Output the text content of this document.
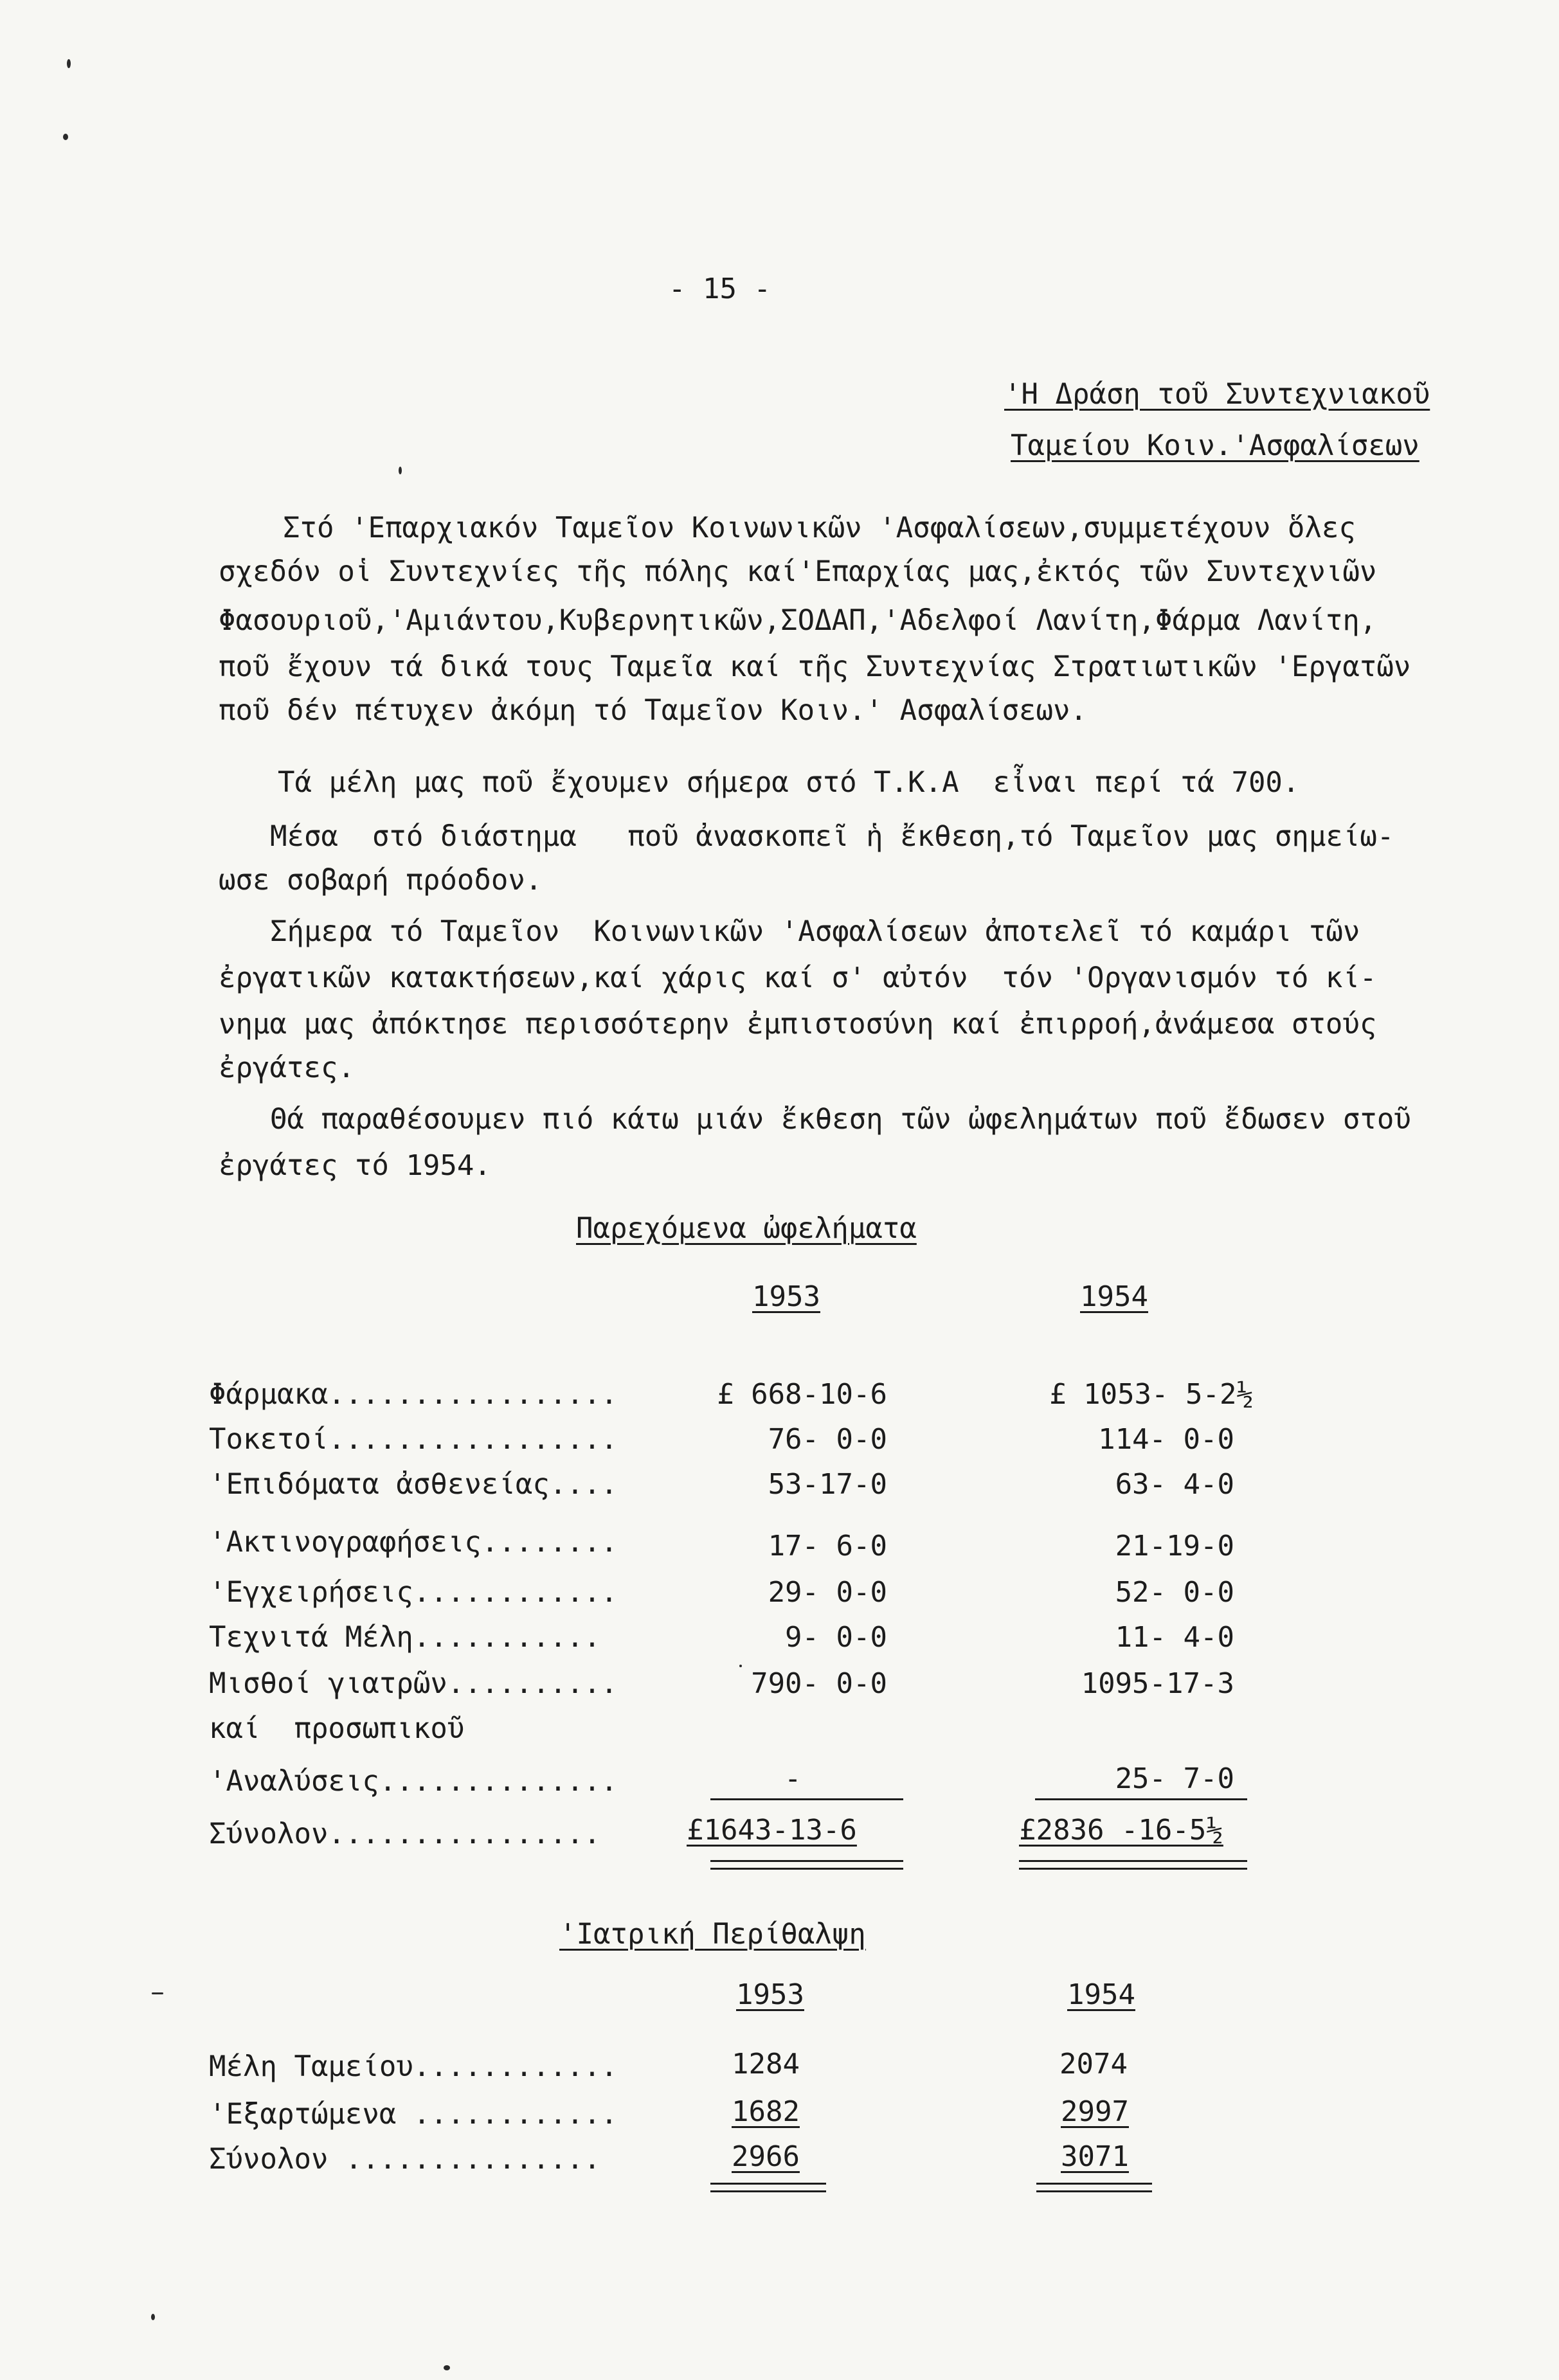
- 15 -
'Η Δράση τοῦ Συντεχνιακοῦ
Ταμείου Κοιν.'Ασφαλίσεων
Στό 'Επαρχιακόν Ταμεῖον Κοινωνικῶν 'Ασφαλίσεων,συμμετέχουν ὅλες
σχεδόν οἱ Συντεχνίες τῆς πόλης καί'Επαρχίας μας,ἐκτός τῶν Συντεχνιῶν
Φασουριοῦ,'Αμιάντου,Κυβερνητικῶν,ΣΟΔΑΠ,'Αδελφοί Λανίτη,Φάρμα Λανίτη,
ποῦ ἔχουν τά δικά τους Ταμεῖα καί τῆς Συντεχνίας Στρατιωτικῶν 'Εργατῶν
ποῦ δέν πέτυχεν ἀκόμη τό Ταμεῖον Κοιν.' Ασφαλίσεων.
Τά μέλη μας ποῦ ἔχουμεν σήμερα στό Τ.Κ.Α  εἶναι περί τά 700.
Μέσα  στό διάστημα   ποῦ ἀνασκοπεῖ ἡ ἔκθεση,τό Ταμεῖον μας σημείω-
ωσε σοβαρή πρόοδον.
Σήμερα τό Ταμεῖον  Κοινωνικῶν 'Ασφαλίσεων ἀποτελεῖ τό καμάρι τῶν
ἐργατικῶν κατακτήσεων,καί χάρις καί σ' αὐτόν  τόν 'Οργανισμόν τό κί-
νημα μας ἀπόκτησε περισσότερην ἐμπιστοσύνη καί ἐπιρροή,ἀνάμεσα στούς
ἐργάτες.
Θά παραθέσουμεν πιό κάτω μιάν ἔκθεση τῶν ὠφελημάτων ποῦ ἔδωσεν στοῦ
ἐργάτες τό 1954.
Παρεχόμενα ὠφελήματα
1953	1954
Φάρμακα.................	£ 668-10-6	£ 1053- 5-2½
Τοκετοί.................	76- 0-0	114- 0-0
'Επιδόματα ἀσθενείας....	53-17-0	63- 4-0
'Ακτινογραφήσεις........	17- 6-0	21-19-0
'Εγχειρήσεις............	29- 0-0	52- 0-0
Τεχνιτά Μέλη...........	9- 0-0	11- 4-0
Μισθοί γιατρῶν..........	790- 0-0	1095-17-3
καί  προσωπικοῦ
'Αναλύσεις..............	-	25- 7-0
Σύνολον................	£1643-13-6	£2836 -16-5½
'Ιατρική Περίθαλψη
1953	1954
Μέλη Ταμείου............	1284	2074
'Εξαρτώμενα ............	1682	2997
Σύνολον ...............	2966	3071
